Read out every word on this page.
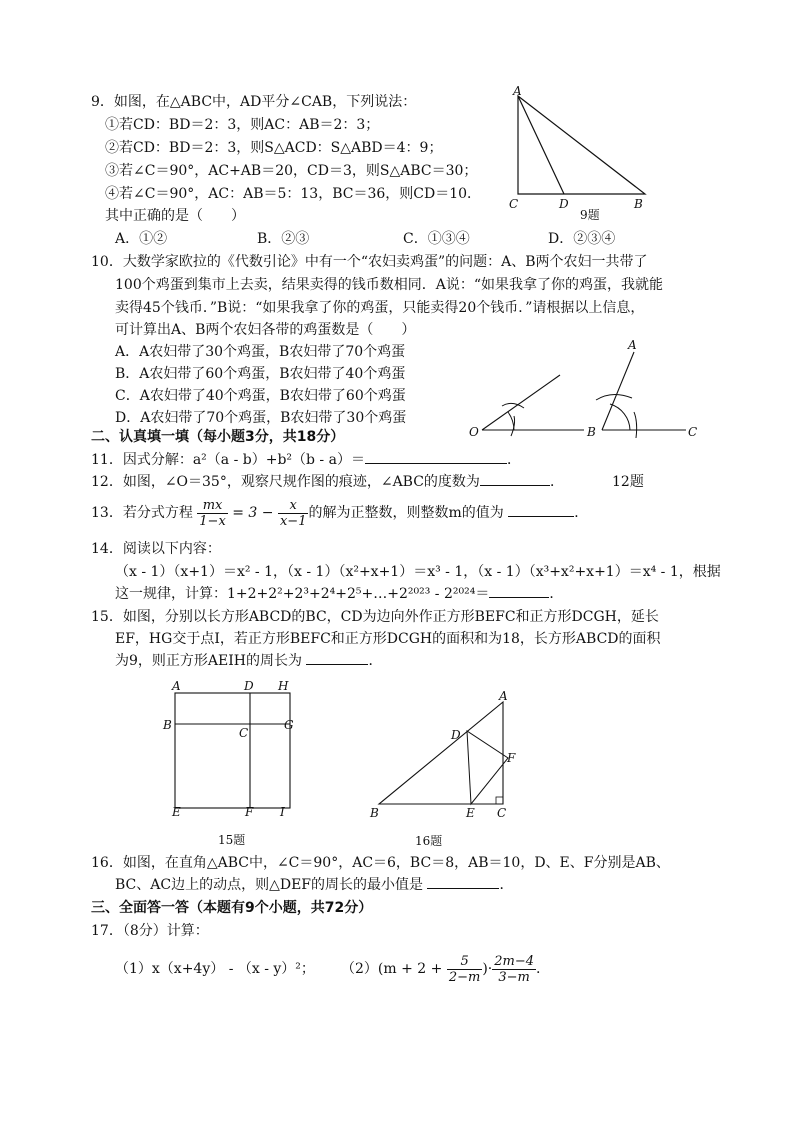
9．如图，在△ABC中，AD平分∠CAB，下列说法：
①若CD：BD＝2：3，则AC：AB＝2：3；
②若CD：BD＝2：3，则S△ACD：S△ABD＝4：9；
③若∠C＝90°，AC+AB＝20，CD＝3，则S△ABC＝30；
④若∠C＝90°，AC：AB＝5：13，BC＝36，则CD＝10．
其中正确的是（　　）
A．①②	B．②③	C．①③④	D．②③④
A
C	D	B
9题
10．大数学家欧拉的《代数引论》中有一个“农妇卖鸡蛋”的问题：A、B两个农妇一共带了
100个鸡蛋到集市上去卖，结果卖得的钱币数相同．A说：“如果我拿了你的鸡蛋，我就能
卖得45个钱币．”B说：“如果我拿了你的鸡蛋，只能卖得20个钱币．”请根据以上信息，
可计算出A、B两个农妇各带的鸡蛋数是（　　）
A．A农妇带了30个鸡蛋，B农妇带了70个鸡蛋
B．A农妇带了60个鸡蛋，B农妇带了40个鸡蛋
C．A农妇带了40个鸡蛋，B农妇带了60个鸡蛋
D．A农妇带了70个鸡蛋，B农妇带了30个鸡蛋
O
A
B	C
二、认真填一填（每小题3分，共18分）
11．因式分解：a²（a - b）+b²（b - a）＝	．
12．如图，∠O＝35°，观察尺规作图的痕迹，∠ABC的度数为	．	12题
13．若分式方程 $\frac{mx}{1-x} = 3 - \frac{x}{x-1}$ 的解为正整数，则整数m的值为	．
14．阅读以下内容：
（x - 1）（x+1）＝x² - 1，（x - 1）（x²+x+1）＝x³ - 1，（x - 1）（x³+x²+x+1）＝x⁴ - 1，根据
这一规律，计算：1+2+2²+2³+2⁴+2⁵+…+2²⁰²³ - 2²⁰²⁴＝	．
15．如图，分别以长方形ABCD的BC，CD为边向外作正方形BEFC和正方形DCGH，延长
EF，HG交于点I，若正方形BEFC和正方形DCGH的面积和为18，长方形ABCD的面积
为9，则正方形AEIH的周长为	．
A	D H
B	G
C
E	F I
15题
A
D
F
B	E C
16题
16．如图，在直角△ABC中，∠C＝90°，AC＝6，BC＝8，AB＝10，D、E、F分别是AB、
BC、AC边上的动点，则△DEF的周长的最小值是	．
三、全面答一答（本题有9个小题，共72分）
17．（8分）计算：
（1）x（x+4y） - （x - y）²； $(2)(m + 2 + \frac{5}{2-m}$ )· $\frac{2m-4}{3-m}$ .
